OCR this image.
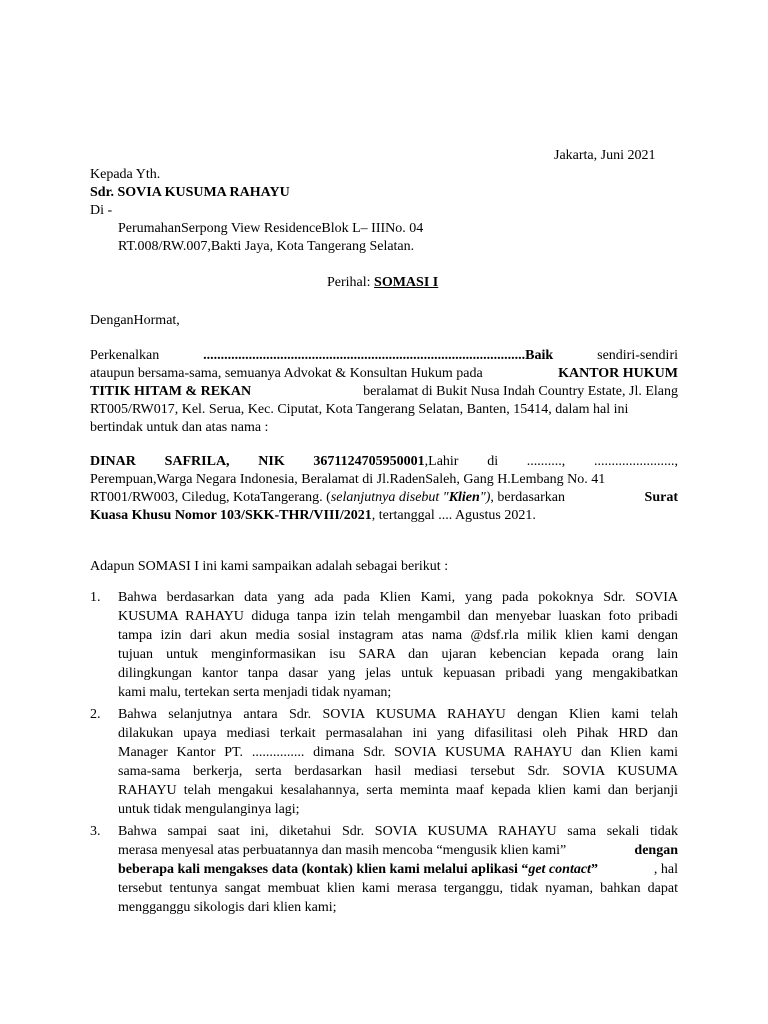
Jakarta, Juni 2021
Kepada Yth.
Sdr. SOVIA KUSUMA RAHAYU
Di -
PerumahanSerpong View ResidenceBlok L– IIINo. 04
RT.008/RW.007,Bakti Jaya, Kota Tangerang Selatan.
Perihal: SOMASI I
DenganHormat,
Perkenalkan	............................................................................................Baik	sendiri-sendiri
ataupun bersama-sama, semuanya Advokat & Konsultan Hukum pada	KANTOR HUKUM
TITIK HITAM & REKAN	beralamat di Bukit Nusa Indah Country Estate, Jl. Elang
RT005/RW017, Kel. Serua, Kec. Ciputat, Kota Tangerang Selatan, Banten, 15414, dalam hal ini
bertindak untuk dan atas nama :
DINAR SAFRILA, NIK 3671124705950001,Lahir di .........., .......................,
Perempuan,Warga Negara Indonesia, Beralamat di Jl.RadenSaleh, Gang H.Lembang No. 41
RT001/RW003, Ciledug, KotaTangerang. (selanjutnya disebut "Klien"), berdasarkan	Surat
Kuasa Khusu Nomor 103/SKK-THR/VIII/2021, tertanggal .... Agustus 2021.
Adapun SOMASI I ini kami sampaikan adalah sebagai berikut :
1. Bahwa berdasarkan data yang ada pada Klien Kami, yang pada pokoknya Sdr. SOVIA
KUSUMA RAHAYU diduga tanpa izin telah mengambil dan menyebar luaskan foto pribadi
tampa izin dari akun media sosial instagram atas nama @dsf.rla milik klien kami dengan
tujuan untuk menginformasikan isu SARA dan ujaran kebencian kepada orang lain
dilingkungan kantor tanpa dasar yang jelas untuk kepuasan pribadi yang mengakibatkan
kami malu, tertekan serta menjadi tidak nyaman;
2. Bahwa selanjutnya antara Sdr. SOVIA KUSUMA RAHAYU dengan Klien kami telah
dilakukan upaya mediasi terkait permasalahan ini yang difasilitasi oleh Pihak HRD dan
Manager Kantor PT. ............... dimana Sdr. SOVIA KUSUMA RAHAYU dan Klien kami
sama-sama berkerja, serta berdasarkan hasil mediasi tersebut Sdr. SOVIA KUSUMA
RAHAYU telah mengakui kesalahannya, serta meminta maaf kepada klien kami dan berjanji
untuk tidak mengulanginya lagi;
3. Bahwa sampai saat ini, diketahui Sdr. SOVIA KUSUMA RAHAYU sama sekali tidak
merasa menyesal atas perbuatannya dan masih mencoba “mengusik klien kami”	dengan
beberapa kali mengakses data (kontak) klien kami melalui aplikasi “get contact”	, hal
tersebut tentunya sangat membuat klien kami merasa terganggu, tidak nyaman, bahkan dapat
mengganggu sikologis dari klien kami;
